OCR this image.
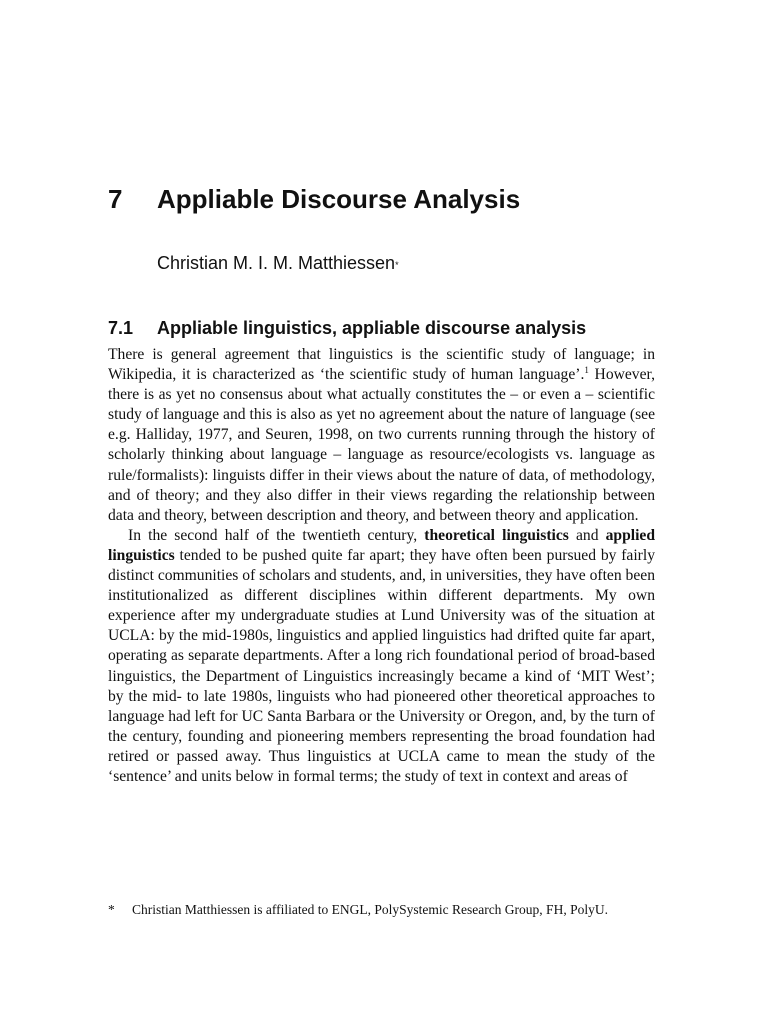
7 Appliable Discourse Analysis
Christian M. I. M. Matthiessen*
7.1 Appliable linguistics, appliable discourse analysis

There is general agreement that linguistics is the scientific study of language; in Wikipedia, it is characterized as ‘the scientific study of human language’.$^1$ However, there is as yet no consensus about what actually constitutes the – or even a – scientific study of language and this is also as yet no agreement about the nature of language (see e.g. Halliday, 1977, and Seuren, 1998, on two currents running through the history of scholarly thinking about language – language as resource/ecologists vs. language as rule/formalists): linguists differ in their views about the nature of data, of methodology, and of theory; and they also differ in their views regarding the relationship between data and theory, between description and theory, and between theory and application.

In the second half of the twentieth century, theoretical linguistics and applied linguistics tended to be pushed quite far apart; they have often been pursued by fairly distinct communities of scholars and students, and, in universities, they have often been institutionalized as different disciplines within different departments. My own experience after my undergraduate studies at Lund University was of the situation at UCLA: by the mid-1980s, linguistics and applied linguistics had drifted quite far apart, operating as separate departments. After a long rich foundational period of broad-based linguistics, the Department of Linguistics increasingly became a kind of ‘MIT West’; by the mid- to late 1980s, linguists who had pioneered other theoretical approaches to language had left for UC Santa Barbara or the University or Oregon, and, by the turn of the century, founding and pioneering members representing the broad foundation had retired or passed away. Thus linguistics at UCLA came to mean the study of the ‘sentence’ and units below in formal terms; the study of text in context and areas of

* Christian Matthiessen is affiliated to ENGL, PolySystemic Research Group, FH, PolyU.
